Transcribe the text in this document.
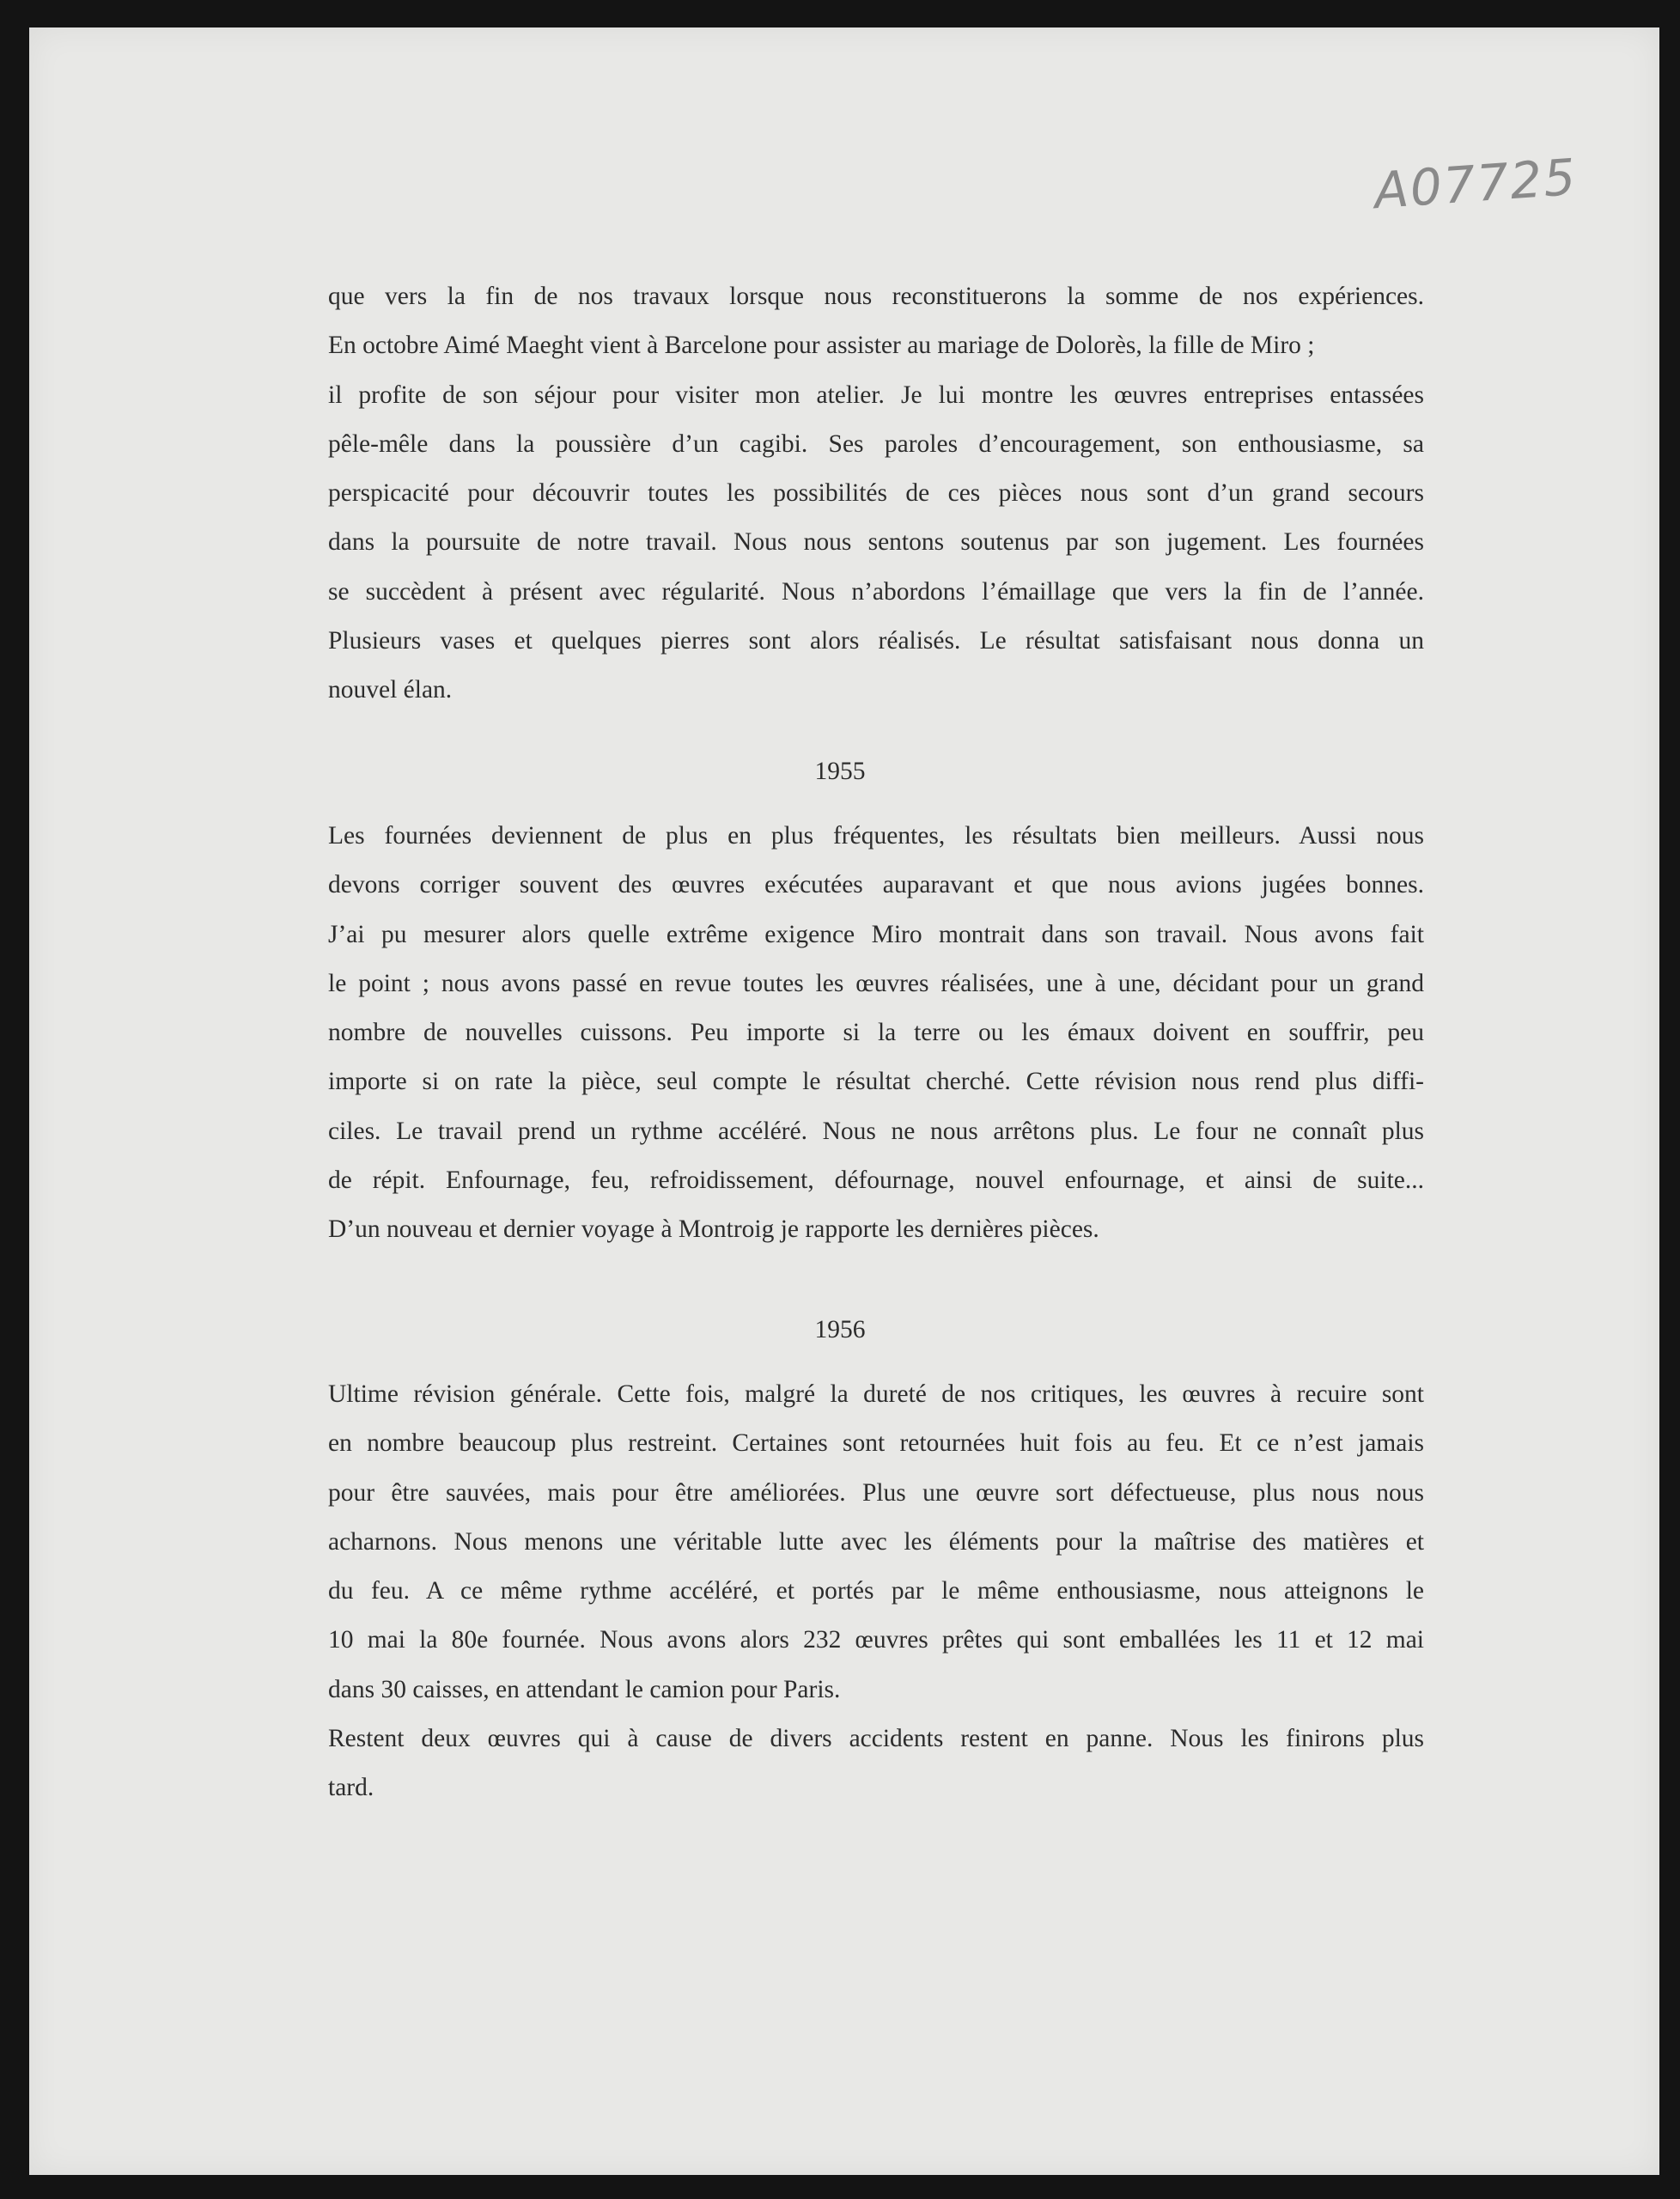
A07725
que vers la fin de nos travaux lorsque nous reconstituerons la somme de nos expériences.
En octobre Aimé Maeght vient à Barcelone pour assister au mariage de Dolorès, la fille de Miro ;
il profite de son séjour pour visiter mon atelier. Je lui montre les œuvres entreprises entassées
pêle-mêle dans la poussière d’un cagibi. Ses paroles d’encouragement, son enthousiasme, sa
perspicacité pour découvrir toutes les possibilités de ces pièces nous sont d’un grand secours
dans la poursuite de notre travail. Nous nous sentons soutenus par son jugement. Les fournées
se succèdent à présent avec régularité. Nous n’abordons l’émaillage que vers la fin de l’année.
Plusieurs vases et quelques pierres sont alors réalisés. Le résultat satisfaisant nous donna un
nouvel élan.
1955
Les fournées deviennent de plus en plus fréquentes, les résultats bien meilleurs. Aussi nous
devons corriger souvent des œuvres exécutées auparavant et que nous avions jugées bonnes.
J’ai pu mesurer alors quelle extrême exigence Miro montrait dans son travail. Nous avons fait
le point ; nous avons passé en revue toutes les œuvres réalisées, une à une, décidant pour un grand
nombre de nouvelles cuissons. Peu importe si la terre ou les émaux doivent en souffrir, peu
importe si on rate la pièce, seul compte le résultat cherché. Cette révision nous rend plus diffi-
ciles. Le travail prend un rythme accéléré. Nous ne nous arrêtons plus. Le four ne connaît plus
de répit. Enfournage, feu, refroidissement, défournage, nouvel enfournage, et ainsi de suite...
D’un nouveau et dernier voyage à Montroig je rapporte les dernières pièces.
1956
Ultime révision générale. Cette fois, malgré la dureté de nos critiques, les œuvres à recuire sont
en nombre beaucoup plus restreint. Certaines sont retournées huit fois au feu. Et ce n’est jamais
pour être sauvées, mais pour être améliorées. Plus une œuvre sort défectueuse, plus nous nous
acharnons. Nous menons une véritable lutte avec les éléments pour la maîtrise des matières et
du feu. A ce même rythme accéléré, et portés par le même enthousiasme, nous atteignons le
10 mai la 80e fournée. Nous avons alors 232 œuvres prêtes qui sont emballées les 11 et 12 mai
dans 30 caisses, en attendant le camion pour Paris.
Restent deux œuvres qui à cause de divers accidents restent en panne. Nous les finirons plus
tard.
